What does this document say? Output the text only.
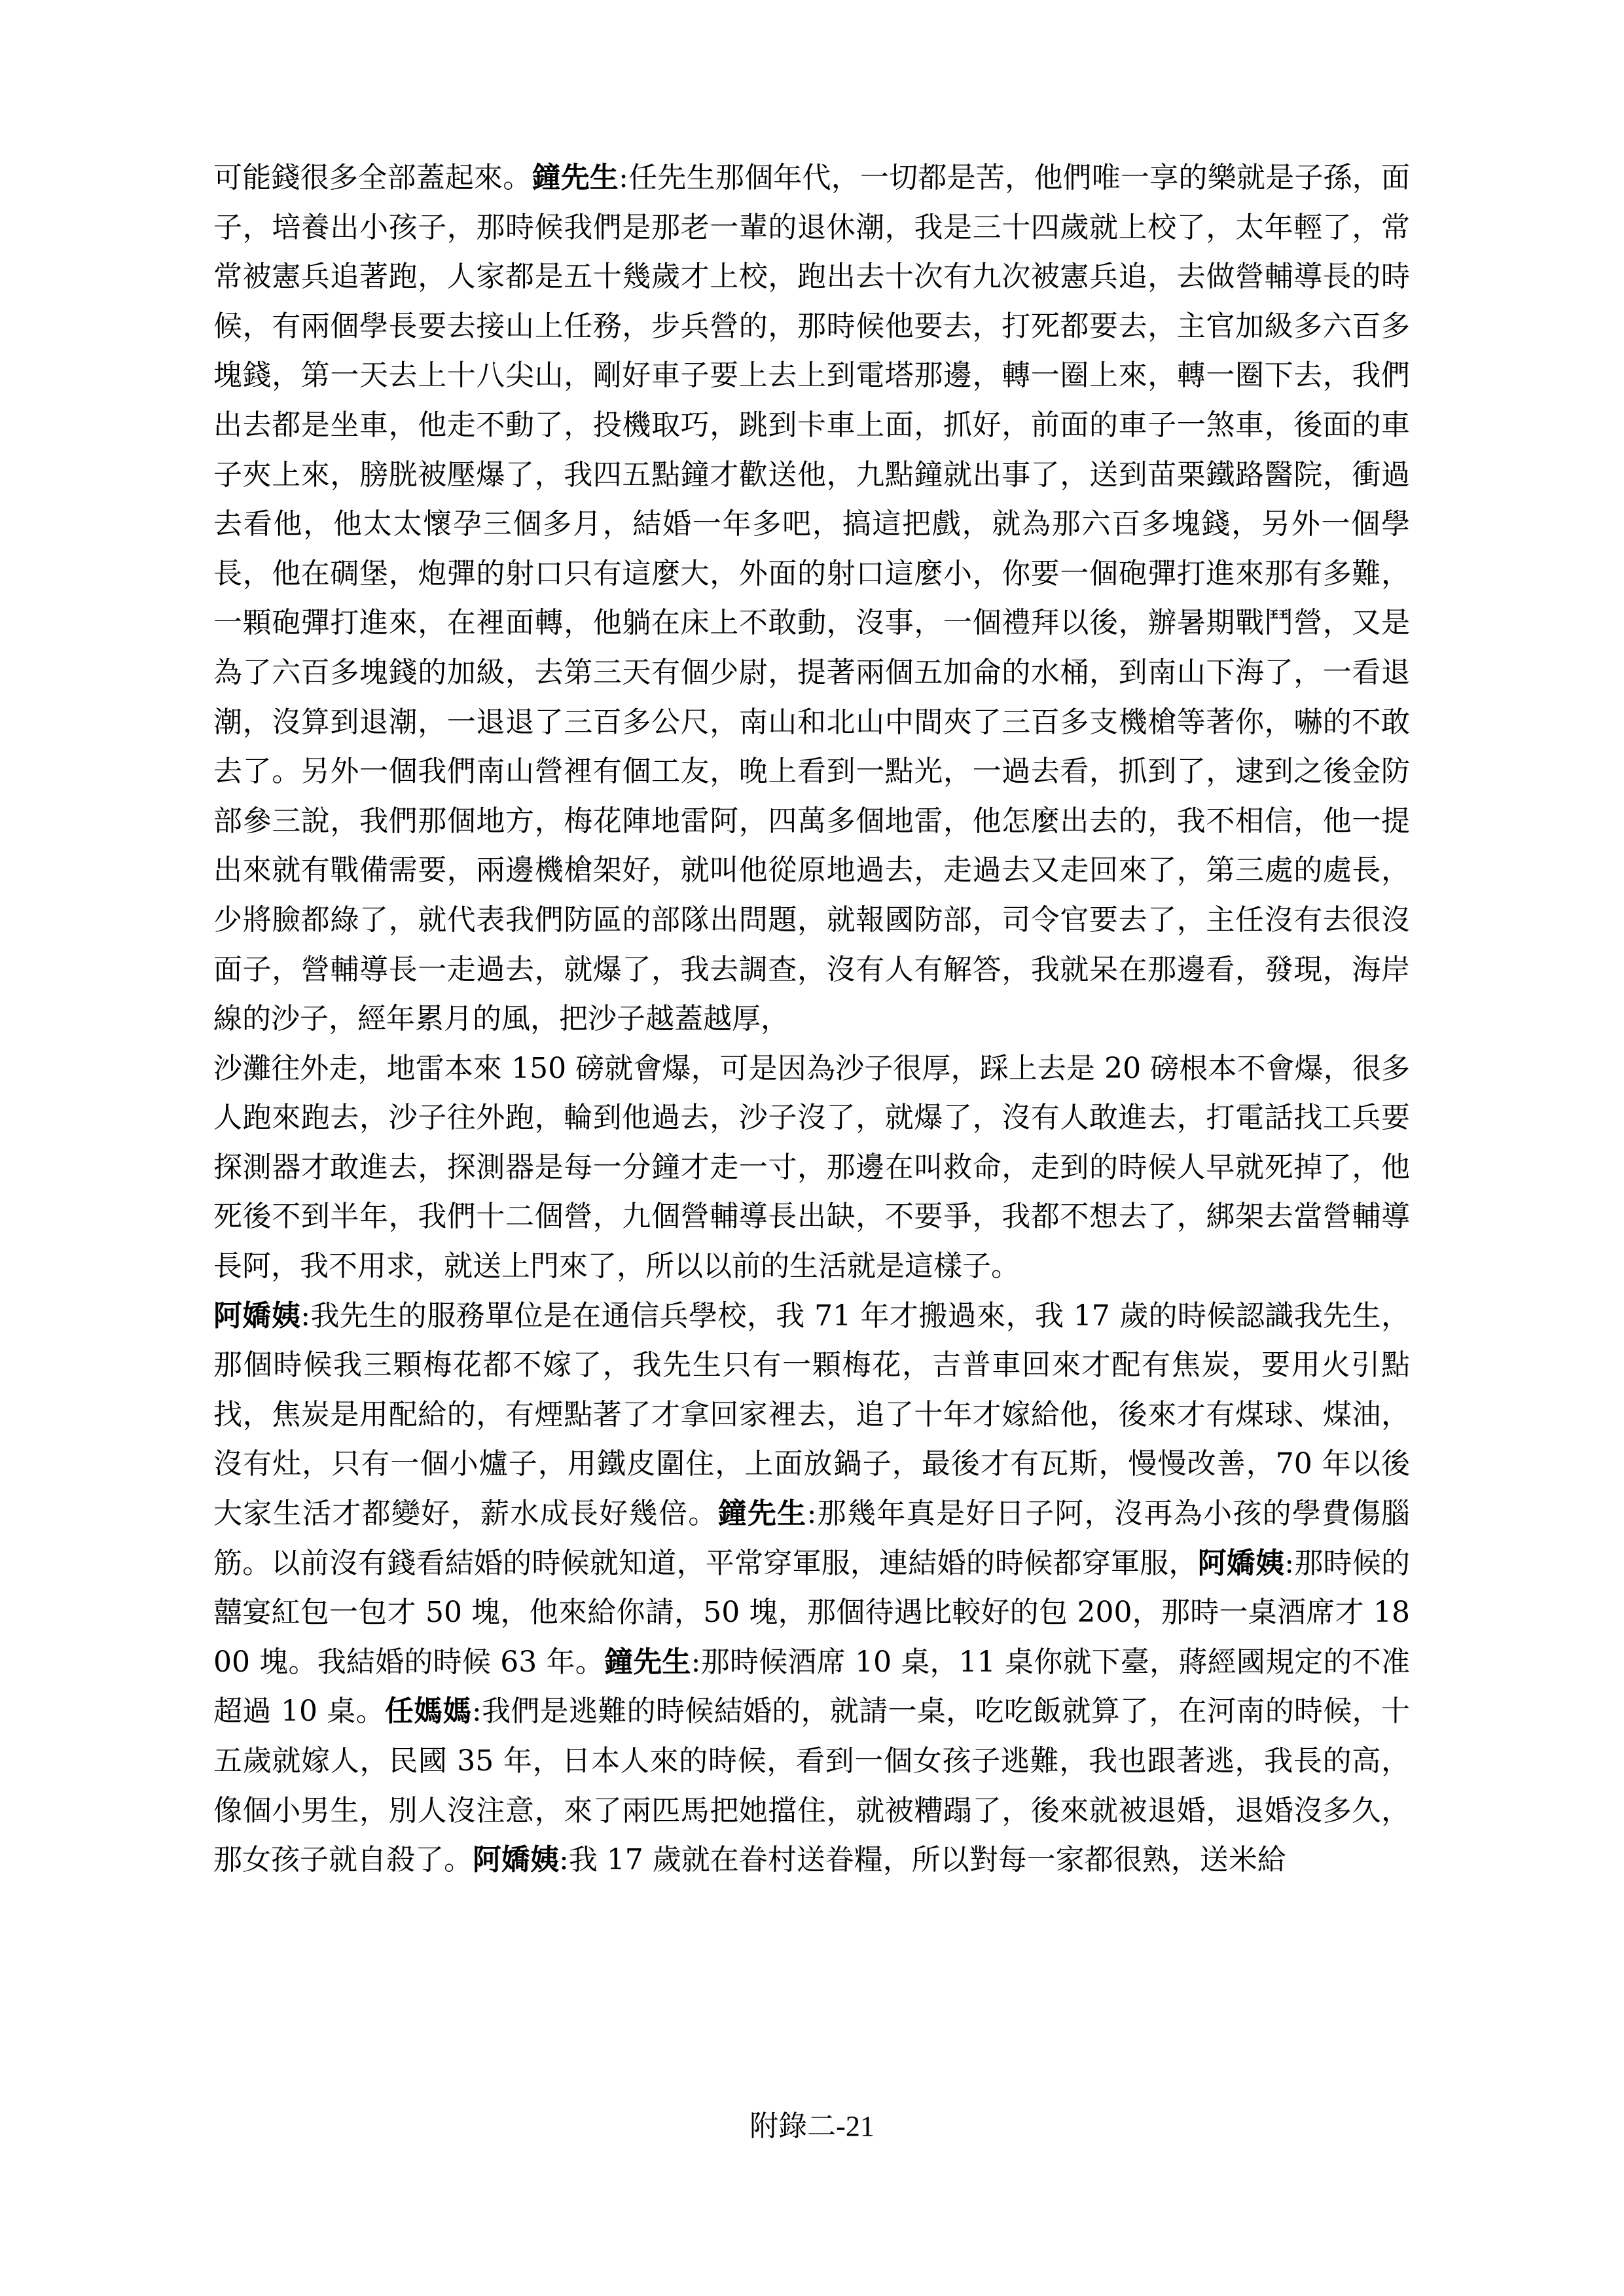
可能錢很多全部蓋起來。鐘先生:任先生那個年代，一切都是苦，他們唯一享的樂就是子孫，面子，培養出小孩子，那時候我們是那老一輩的退休潮，我是三十四歲就上校了，太年輕了，常常被憲兵追著跑，人家都是五十幾歲才上校，跑出去十次有九次被憲兵追，去做營輔導長的時候，有兩個學長要去接山上任務，步兵營的，那時候他要去，打死都要去，主官加級多六百多塊錢，第一天去上十八尖山，剛好車子要上去上到電塔那邊，轉一圈上來，轉一圈下去，我們出去都是坐車，他走不動了，投機取巧，跳到卡車上面，抓好，前面的車子一煞車，後面的車子夾上來，膀胱被壓爆了，我四五點鐘才歡送他，九點鐘就出事了，送到苗栗鐵路醫院，衝過去看他，他太太懷孕三個多月，結婚一年多吧，搞這把戲，就為那六百多塊錢，另外一個學長，他在碉堡，炮彈的射口只有這麼大，外面的射口這麼小，你要一個砲彈打進來那有多難，一顆砲彈打進來，在裡面轉，他躺在床上不敢動，沒事，一個禮拜以後，辦暑期戰鬥營，又是為了六百多塊錢的加級，去第三天有個少尉，提著兩個五加侖的水桶，到南山下海了，一看退潮，沒算到退潮，一退退了三百多公尺，南山和北山中間夾了三百多支機槍等著你，嚇的不敢去了。另外一個我們南山營裡有個工友，晚上看到一點光，一過去看，抓到了，逮到之後金防部參三說，我們那個地方，梅花陣地雷阿，四萬多個地雷，他怎麼出去的，我不相信，他一提出來就有戰備需要，兩邊機槍架好，就叫他從原地過去，走過去又走回來了，第三處的處長，少將臉都綠了，就代表我們防區的部隊出問題，就報國防部，司令官要去了，主任沒有去很沒面子，營輔導長一走過去，就爆了，我去調查，沒有人有解答，我就呆在那邊看，發現，海岸線的沙子，經年累月的風，把沙子越蓋越厚，

沙灘往外走，地雷本來 150 磅就會爆，可是因為沙子很厚，踩上去是 20 磅根本不會爆，很多人跑來跑去，沙子往外跑，輪到他過去，沙子沒了，就爆了，沒有人敢進去，打電話找工兵要探測器才敢進去，探測器是每一分鐘才走一寸，那邊在叫救命，走到的時候人早就死掉了，他死後不到半年，我們十二個營，九個營輔導長出缺，不要爭，我都不想去了，綁架去當營輔導長阿，我不用求，就送上門來了，所以以前的生活就是這樣子。

阿嬌姨:我先生的服務單位是在通信兵學校，我 71 年才搬過來，我 17 歲的時候認識我先生，那個時候我三顆梅花都不嫁了，我先生只有一顆梅花，吉普車回來才配有焦炭，要用火引點找，焦炭是用配給的，有煙點著了才拿回家裡去，追了十年才嫁給他，後來才有煤球、煤油，沒有灶，只有一個小爐子，用鐵皮圍住，上面放鍋子，最後才有瓦斯，慢慢改善，70 年以後大家生活才都變好，薪水成長好幾倍。鐘先生:那幾年真是好日子阿，沒再為小孩的學費傷腦筋。以前沒有錢看結婚的時候就知道，平常穿軍服，連結婚的時候都穿軍服，阿嬌姨:那時候的囍宴紅包一包才 50 塊，他來給你請，50 塊，那個待遇比較好的包 200，那時一桌酒席才 1800 塊。我結婚的時候 63 年。鐘先生:那時候酒席 10 桌，11 桌你就下臺，蔣經國規定的不准超過 10 桌。任媽媽:我們是逃難的時候結婚的，就請一桌，吃吃飯就算了，在河南的時候，十五歲就嫁人，民國 35 年，日本人來的時候，看到一個女孩子逃難，我也跟著逃，我長的高，像個小男生，別人沒注意，來了兩匹馬把她擋住，就被糟蹋了，後來就被退婚，退婚沒多久，那女孩子就自殺了。阿嬌姨:我 17 歲就在眷村送眷糧，所以對每一家都很熟，送米給

附錄二-21
